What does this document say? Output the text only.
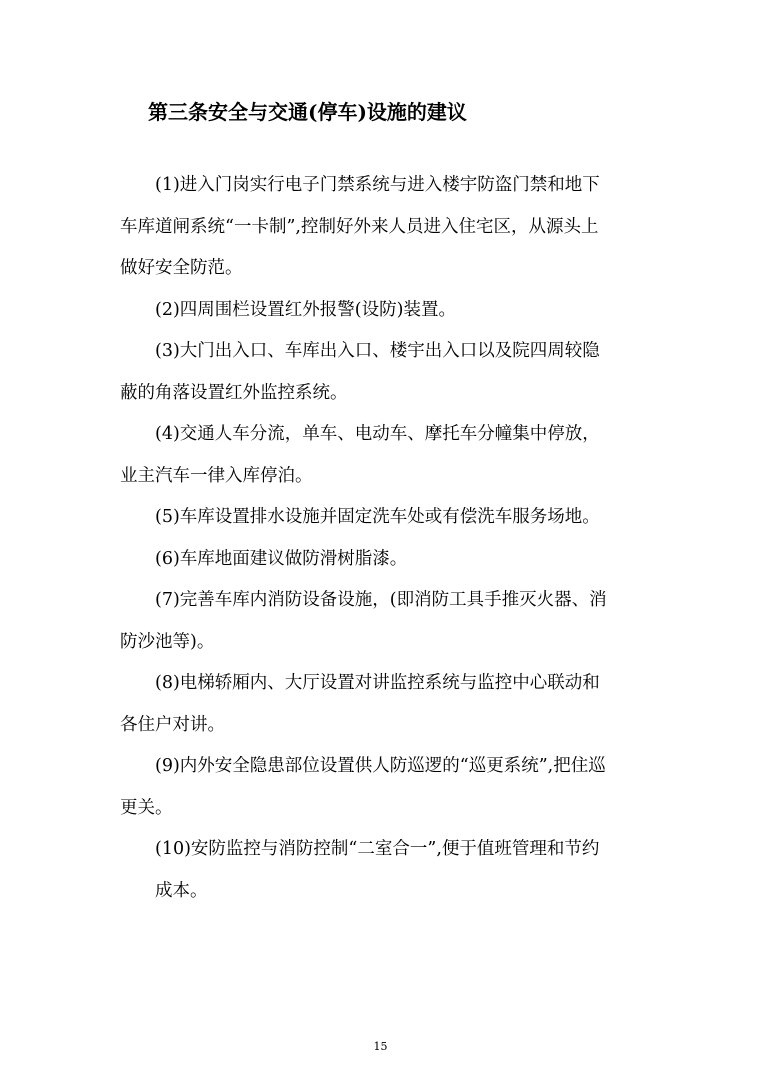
第三条安全与交通(停车)设施的建议
(1)进入门岗实行电子门禁系统与进入楼宇防盗门禁和地下
车库道闸系统“一卡制”,控制好外来人员进入住宅区，从源头上
做好安全防范。
(2)四周围栏设置红外报警(设防)装置。
(3)大门出入口、车库出入口、楼宇出入口以及院四周较隐
蔽的角落设置红外监控系统。
(4)交通人车分流，单车、电动车、摩托车分幢集中停放，
业主汽车一律入库停泊。
(5)车库设置排水设施并固定洗车处或有偿洗车服务场地。
(6)车库地面建议做防滑树脂漆。
(7)完善车库内消防设备设施，(即消防工具手推灭火器、消
防沙池等)。
(8)电梯轿厢内、大厅设置对讲监控系统与监控中心联动和
各住户对讲。
(9)内外安全隐患部位设置供人防巡逻的“巡更系统”,把住巡
更关。
(10)安防监控与消防控制“二室合一”,便于值班管理和节约
成本。
15
